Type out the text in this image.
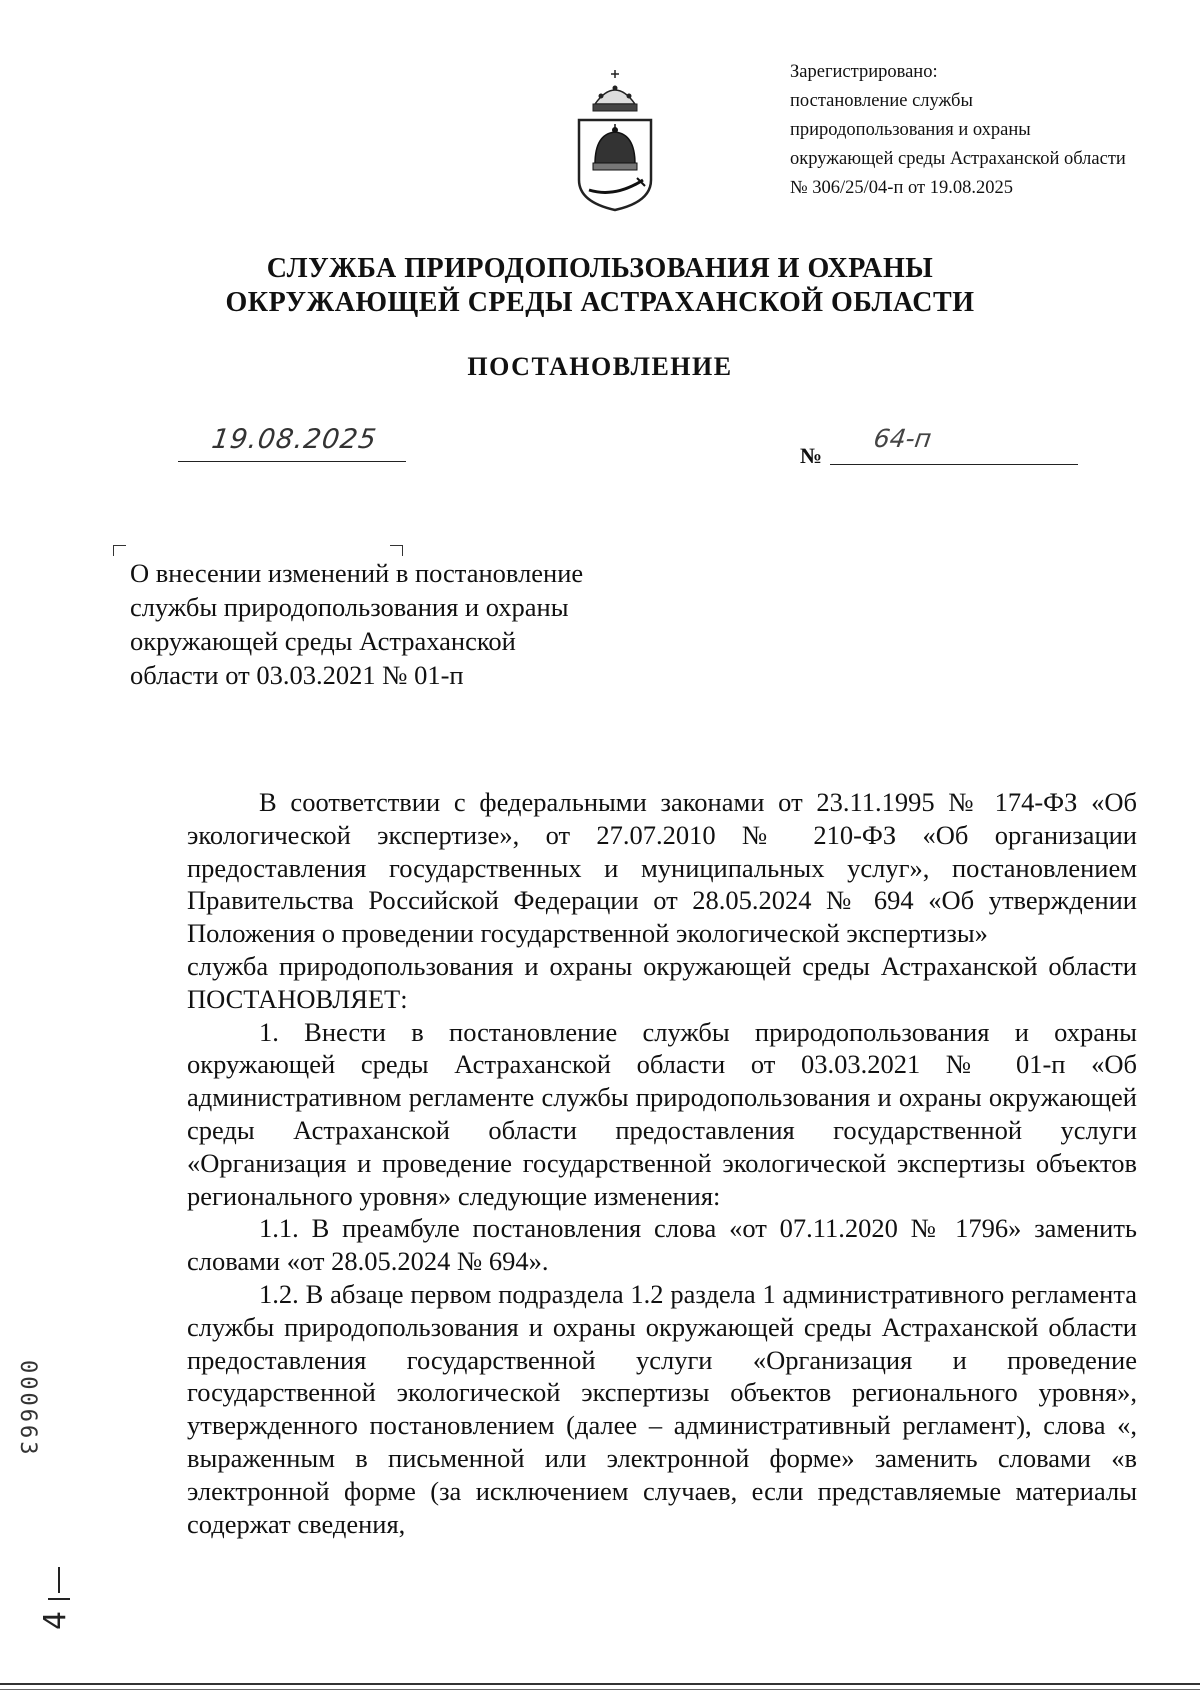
Зарегистрировано:
постановление службы
природопользования и охраны
окружающей среды Астраханской области
№ 306/25/04-п от 19.08.2025
СЛУЖБА ПРИРОДОПОЛЬЗОВАНИЯ И ОХРАНЫ
ОКРУЖАЮЩЕЙ СРЕДЫ АСТРАХАНСКОЙ ОБЛАСТИ
ПОСТАНОВЛЕНИЕ
19.08.2025
№
64-п
О внесении изменений в постановление
службы природопользования и охраны
окружающей среды Астраханской
области от 03.03.2021 № 01-п

В соответствии с федеральными законами от 23.11.1995 № 174-ФЗ «Об экологической экспертизе», от 27.07.2010 № 210-ФЗ «Об организации предоставления государственных и муниципальных услуг», постановлением Правительства Российской Федерации от 28.05.2024 № 694 «Об утверждении Положения о проведении государственной экологической экспертизы»

служба природопользования и охраны окружающей среды Астраханской области ПОСТАНОВЛЯЕТ:

1. Внести в постановление службы природопользования и охраны окружающей среды Астраханской области от 03.03.2021 № 01-п «Об административном регламенте службы природопользования и охраны окружающей среды Астраханской области предоставления государственной услуги «Организация и проведение государственной экологической экспертизы объектов регионального уровня» следующие изменения:

1.1. В преамбуле постановления слова «от 07.11.2020 № 1796» заменить словами «от 28.05.2024 № 694».

1.2. В абзаце первом подраздела 1.2 раздела 1 административного регламента службы природопользования и охраны окружающей среды Астраханской области предоставления государственной услуги «Организация и проведение государственной экологической экспертизы объектов регионального уровня», утвержденного постановлением (далее – административный регламент), слова «, выраженным в письменной или электронной форме» заменить словами «в электронной форме (за исключением случаев, если представляемые материалы содержат сведения,

000663
4
